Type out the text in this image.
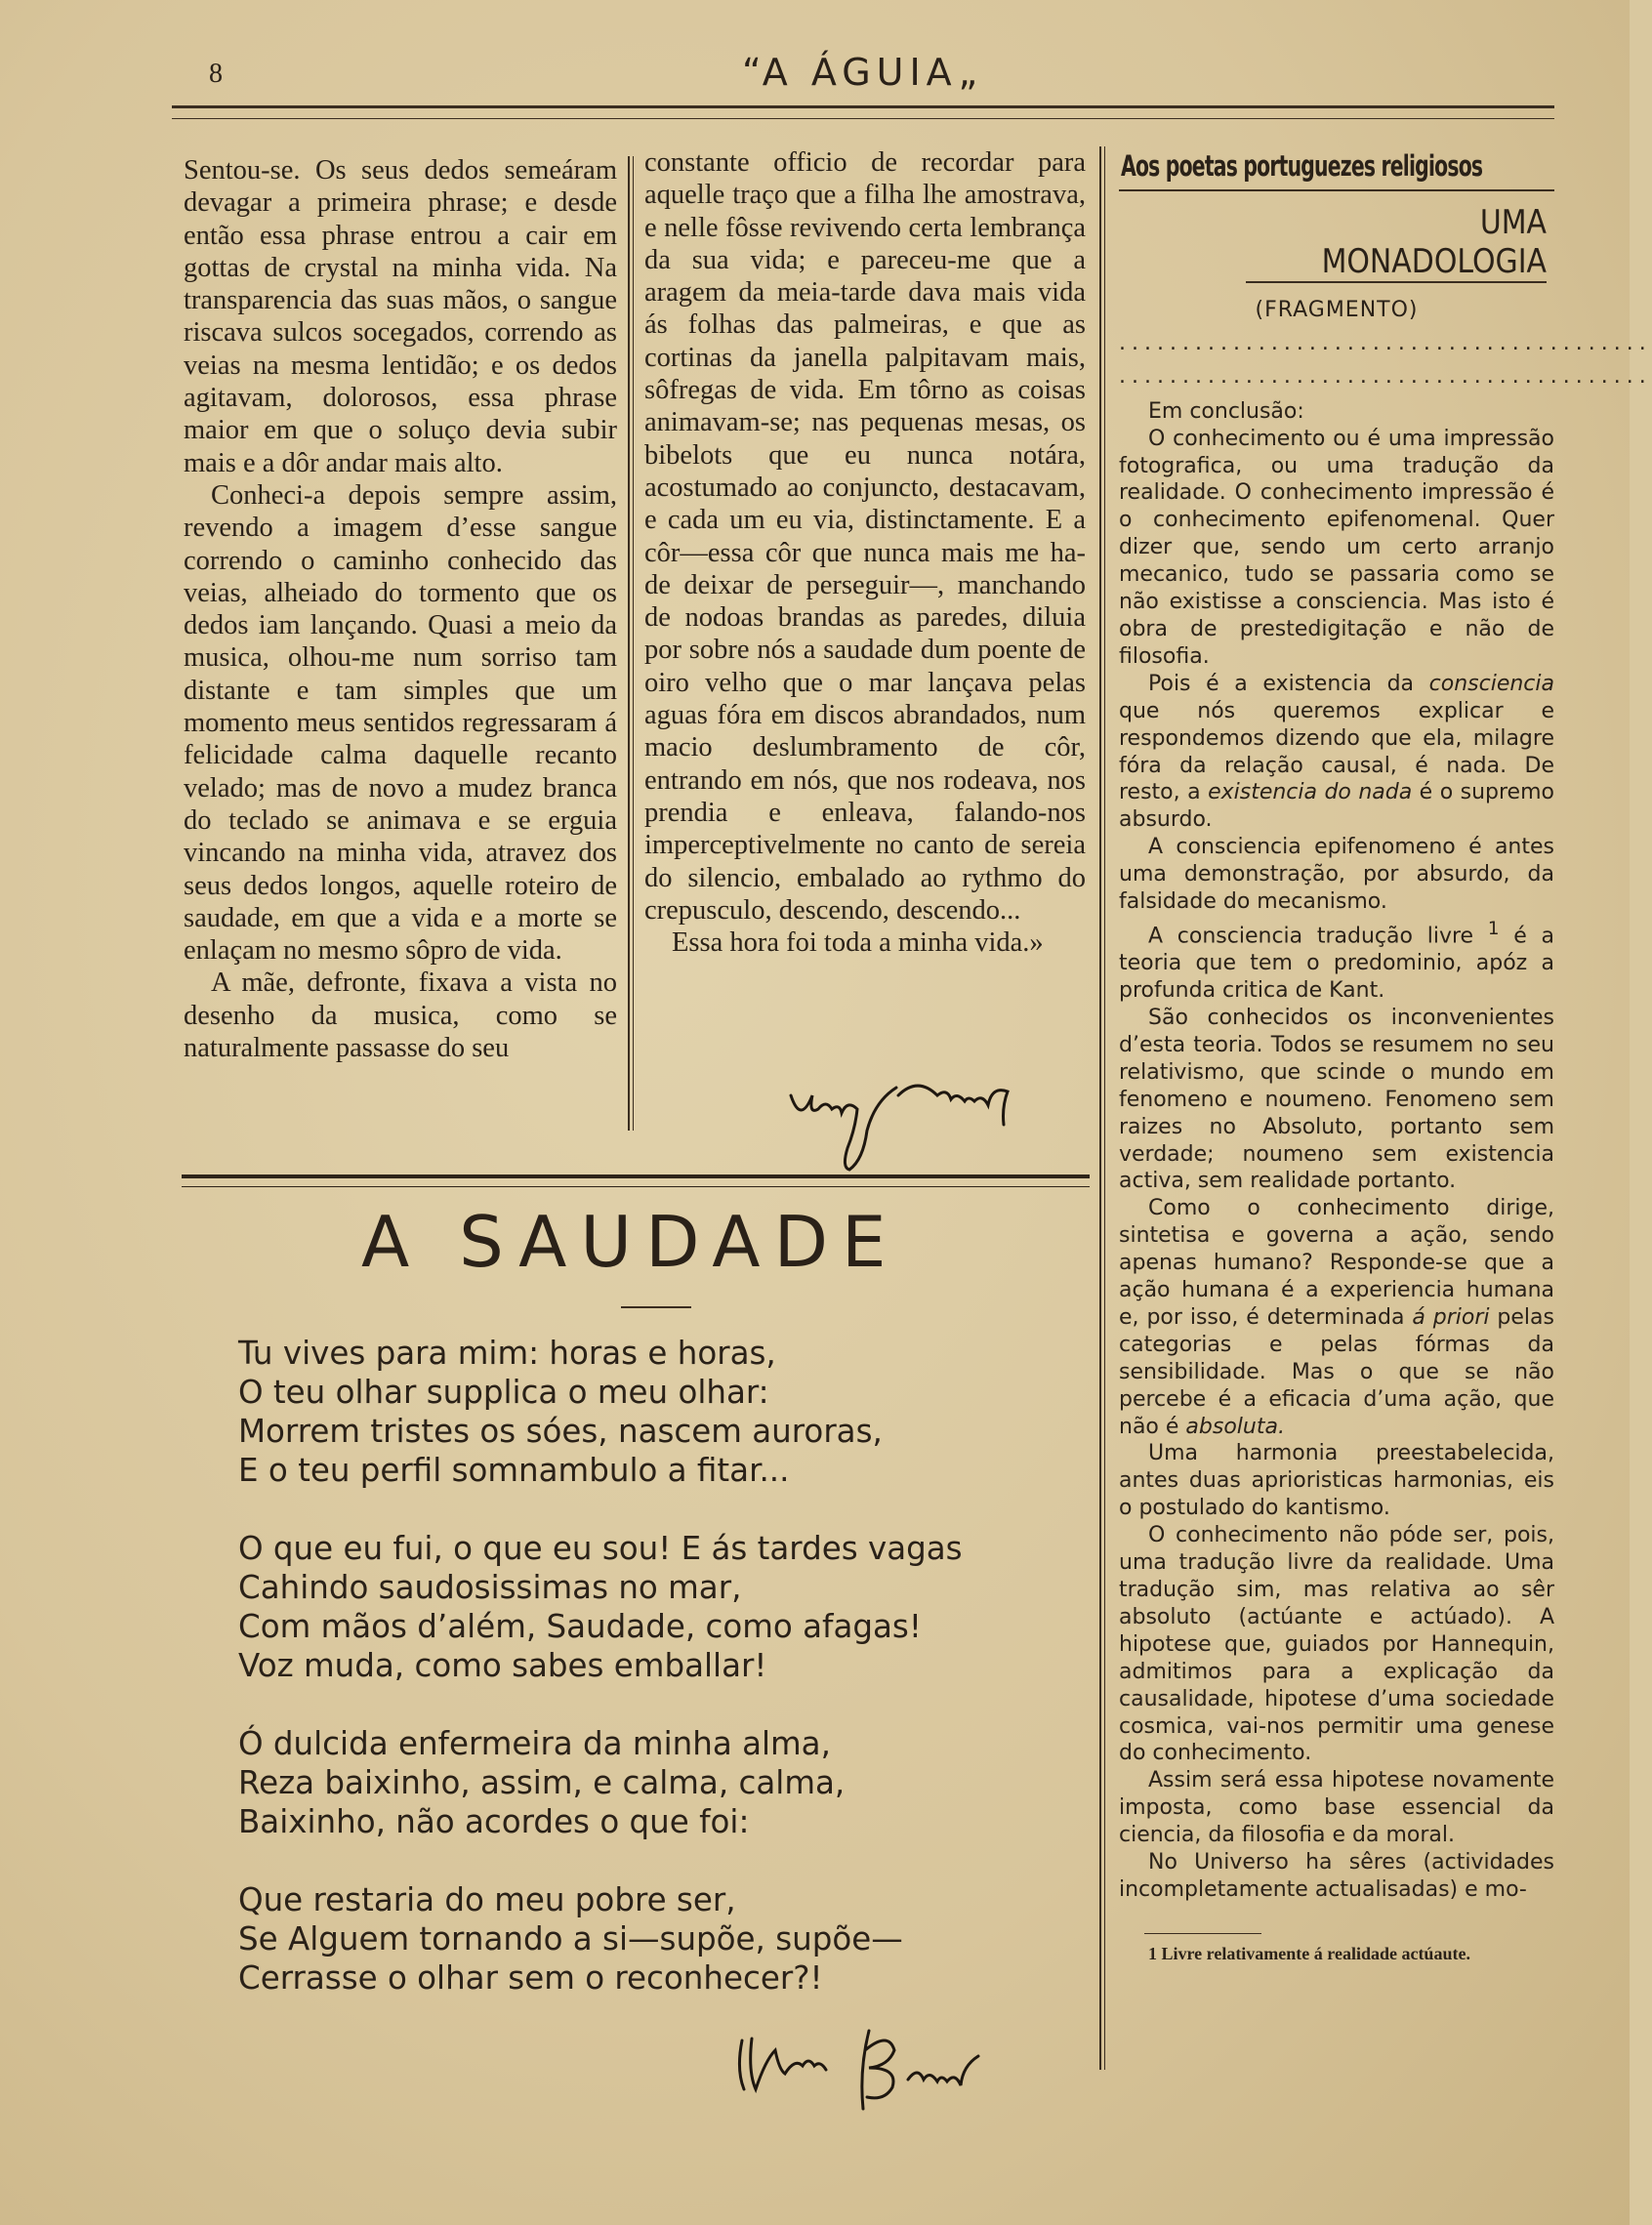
8	“A ÁGUIA„

Sentou-se. Os seus dedos semeáram devagar a primeira phrase; e desde então essa phrase entrou a cair em gottas de crystal na minha vida. Na transparencia das suas mãos, o sangue riscava sulcos socegados, correndo as veias na mesma lentidão; e os dedos agitavam, dolorosos, essa phrase maior em que o soluço devia subir mais e a dôr andar mais alto.

Conheci-a depois sempre assim, revendo a imagem d’esse sangue correndo o caminho conhecido das veias, alheiado do tormento que os dedos iam lançando. Quasi a meio da musica, olhou-me num sorriso tam distante e tam simples que um momento meus sentidos regressaram á felicidade calma daquelle recanto velado; mas de novo a mudez branca do teclado se animava e se erguia vincando na minha vida, atravez dos seus dedos longos, aquelle roteiro de saudade, em que a vida e a morte se enlaçam no mesmo sôpro de vida.

A mãe, defronte, fixava a vista no desenho da musica, como se naturalmente passasse do seu

constante officio de recordar para aquelle traço que a filha lhe amostrava, e nelle fôsse revivendo certa lembrança da sua vida; e pareceu-me que a aragem da meia-tarde dava mais vida ás folhas das palmeiras, e que as cortinas da janella palpitavam mais, sôfregas de vida. Em tôrno as coisas animavam-se; nas pequenas mesas, os bibelots que eu nunca notára, acostumado ao conjuncto, destacavam, e cada um eu via, distinctamente. E a côr—essa côr que nunca mais me ha-de deixar de perseguir—, manchando de nodoas brandas as paredes, diluia por sobre nós a saudade dum poente de oiro velho que o mar lançava pelas aguas fóra em discos abrandados, num macio deslumbramento de côr, entrando em nós, que nos rodeava, nos prendia e enleava, falando-nos imperceptivelmente no canto de sereia do silencio, embalado ao rythmo do crepusculo, descendo, descendo...

Essa hora foi toda a minha vida.»

A SAUDADE
Tu vives para mim: horas e horas,
O teu olhar supplica o meu olhar:
Morrem tristes os sóes, nascem auroras,
E o teu perfil somnambulo a fitar...
O que eu fui, o que eu sou! E ás tardes vagas
Cahindo saudosissimas no mar,
Com mãos d’além, Saudade, como afagas!
Voz muda, como sabes emballar!
Ó dulcida enfermeira da minha alma,
Reza baixinho, assim, e calma, calma,
Baixinho, não acordes o que foi:
Que restaria do meu pobre ser,
Se Alguem tornando a si—supõe, supõe—
Cerrasse o olhar sem o reconhecer?!
Aos poetas portuguezes religiosos
UMA MONADOLOGIA
(FRAGMENTO)
..........................................
..........................................

Em conclusão:

O conhecimento ou é uma impressão fotografica, ou uma tradução da realidade. O conhecimento impressão é o conhecimento epifenomenal. Quer dizer que, sendo um certo arranjo mecanico, tudo se passaria como se não existisse a consciencia. Mas isto é obra de prestedigitação e não de filosofia.

Pois é a existencia da consciencia que nós queremos explicar e respondemos dizendo que ela, milagre fóra da relação causal, é nada. De resto, a existencia do nada é o supremo absurdo.

A consciencia epifenomeno é antes uma demonstração, por absurdo, da falsidade do mecanismo.

A consciencia tradução livre $^1$ é a teoria que tem o predominio, apóz a profunda critica de Kant.

São conhecidos os inconvenientes d’esta teoria. Todos se resumem no seu relativismo, que scinde o mundo em fenomeno e noumeno. Fenomeno sem raizes no Absoluto, portanto sem verdade; noumeno sem existencia activa, sem realidade portanto.

Como o conhecimento dirige, sintetisa e governa a ação, sendo apenas humano? Responde-se que a ação humana é a experiencia humana e, por isso, é determinada á priori pelas categorias e pelas fórmas da sensibilidade. Mas o que se não percebe é a eficacia d’uma ação, que não é absoluta.

Uma harmonia preestabelecida, antes duas aprioristicas harmonias, eis o postulado do kantismo.

O conhecimento não póde ser, pois, uma tradução livre da realidade. Uma tradução sim, mas relativa ao sêr absoluto (actúante e actúado). A hipotese que, guiados por Hannequin, admitimos para a explicação da causalidade, hipotese d’uma sociedade cosmica, vai-nos permitir uma genese do conhecimento.

Assim será essa hipotese novamente imposta, como base essencial da ciencia, da filosofia e da moral.

No Universo ha sêres (actividades incompletamente actualisadas) e mo-

1 Livre relativamente á realidade actúaute.
